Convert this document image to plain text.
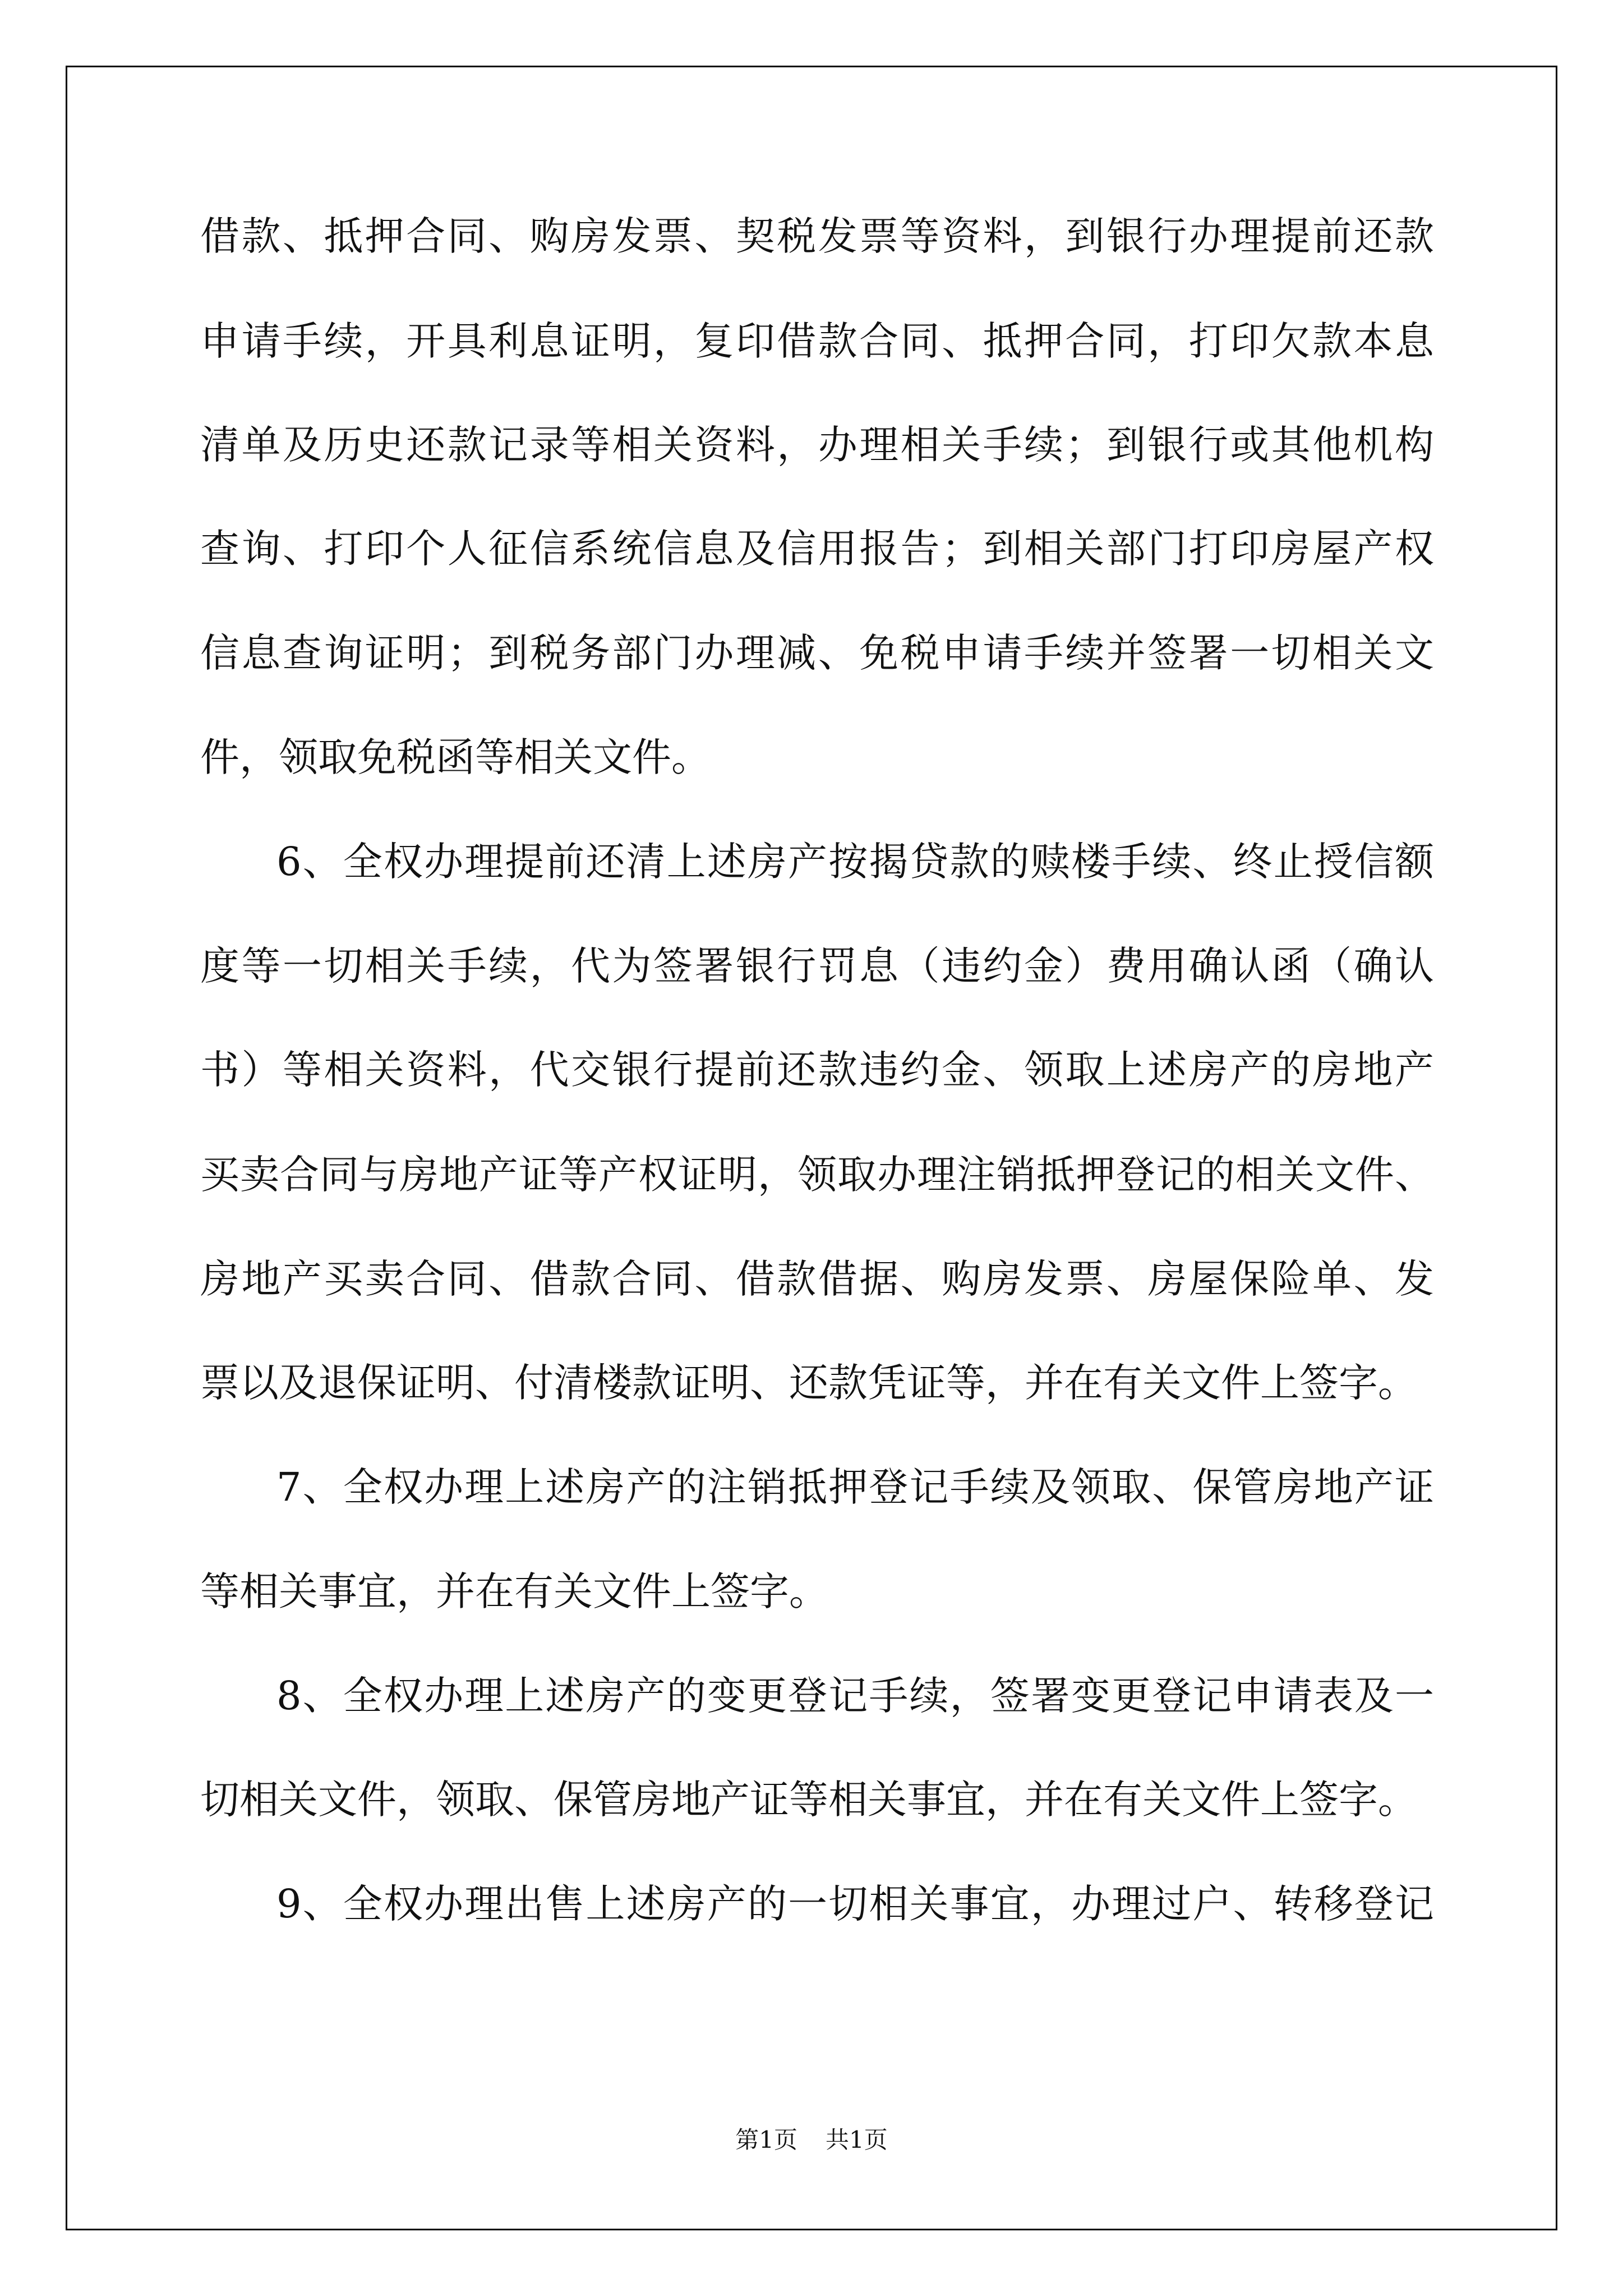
借款、抵押合同、购房发票、契税发票等资料，到银行办理提前还款
申请手续，开具利息证明，复印借款合同、抵押合同，打印欠款本息
清单及历史还款记录等相关资料，办理相关手续；到银行或其他机构
查询、打印个人征信系统信息及信用报告；到相关部门打印房屋产权
信息查询证明；到税务部门办理减、免税申请手续并签署一切相关文
件，领取免税函等相关文件。
6、全权办理提前还清上述房产按揭贷款的赎楼手续、终止授信额
度等一切相关手续，代为签署银行罚息（违约金）费用确认函（确认
书）等相关资料，代交银行提前还款违约金、领取上述房产的房地产
买卖合同与房地产证等产权证明，领取办理注销抵押登记的相关文件、
房地产买卖合同、借款合同、借款借据、购房发票、房屋保险单、发
票以及退保证明、付清楼款证明、还款凭证等，并在有关文件上签字。
7、全权办理上述房产的注销抵押登记手续及领取、保管房地产证
等相关事宜，并在有关文件上签字。
8、全权办理上述房产的变更登记手续，签署变更登记申请表及一
切相关文件，领取、保管房地产证等相关事宜，并在有关文件上签字。
9、全权办理出售上述房产的一切相关事宜，办理过户、转移登记
第1页 共1页
